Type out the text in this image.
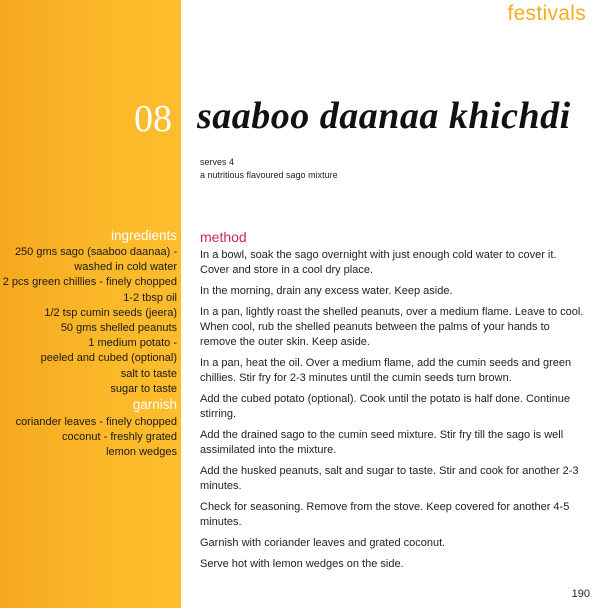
festivals
08 saaboo daanaa khichdi
serves 4
a nutritious flavoured sago mixture
ingredients
250 gms sago (saaboo daanaa) -
washed in cold water
2 pcs green chillies - finely chopped
1-2 tbsp oil
1/2 tsp cumin seeds (jeera)
50 gms shelled peanuts
1 medium potato -
peeled and cubed (optional)
salt to taste
sugar to taste
garnish
coriander leaves - finely chopped
coconut - freshly grated
lemon wedges
method

In a bowl, soak the sago overnight with just enough cold water to cover it. Cover and store in a cool dry place.

In the morning, drain any excess water. Keep aside.

In a pan, lightly roast the shelled peanuts, over a medium flame. Leave to cool. When cool, rub the shelled peanuts between the palms of your hands to remove the outer skin. Keep aside.

In a pan, heat the oil. Over a medium flame, add the cumin seeds and green chillies. Stir fry for 2-3 minutes until the cumin seeds turn brown.

Add the cubed potato (optional). Cook until the potato is half done. Continue stirring.

Add the drained sago to the cumin seed mixture. Stir fry till the sago is well assimilated into the mixture.

Add the husked peanuts, salt and sugar to taste. Stir and cook for another 2-3 minutes.

Check for seasoning. Remove from the stove. Keep covered for another 4-5 minutes.

Garnish with coriander leaves and grated coconut.

Serve hot with lemon wedges on the side.

190
